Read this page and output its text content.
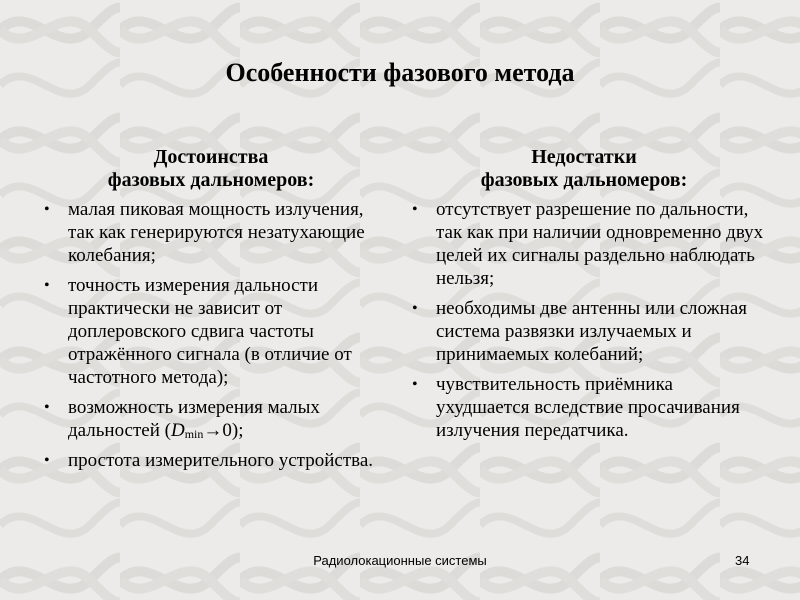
Особенности фазового метода
Достоинства
фазовых дальномеров:
• малая пиковая мощность излучения, так как генерируются незатухающие колебания;
• точность измерения дальности практически не зависит от доплеровского сдвига частоты отражённого сигнала (в отличие от частотного метода);
• возможность измерения малых дальностей $(D_{min}\to 0)$;
• простота измерительного устройства.
Недостатки
фазовых дальномеров:
• отсутствует разрешение по дальности, так как при наличии одновременно двух целей их сигналы раздельно наблюдать нельзя;
• необходимы две антенны или сложная система развязки излучаемых и принимаемых колебаний;
• чувствительность приёмника ухудшается вследствие просачивания излучения передатчика.
Радиолокационные системы	34
